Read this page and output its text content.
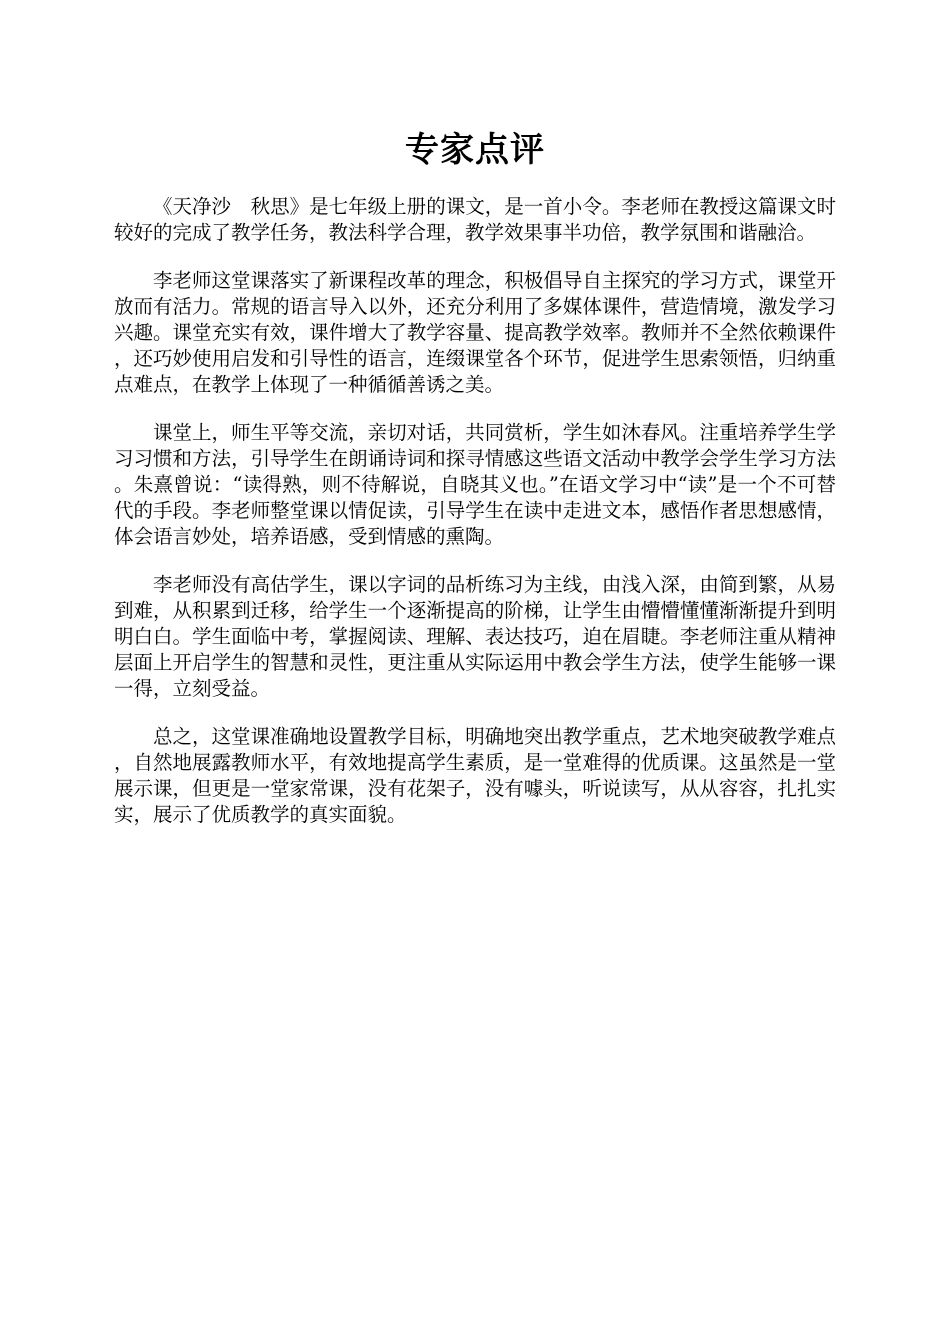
专家点评

《天净沙　秋思》是七年级上册的课文，是一首小令。李老师在教授这篇课文时较好的完成了教学任务，教法科学合理，教学效果事半功倍，教学氛围和谐融洽。

李老师这堂课落实了新课程改革的理念，积极倡导自主探究的学习方式，课堂开放而有活力。常规的语言导入以外，还充分利用了多媒体课件，营造情境，激发学习兴趣。课堂充实有效，课件增大了教学容量、提高教学效率。教师并不全然依赖课件，还巧妙使用启发和引导性的语言，连缀课堂各个环节，促进学生思索领悟，归纳重点难点，在教学上体现了一种循循善诱之美。

课堂上，师生平等交流，亲切对话，共同赏析，学生如沐春风。注重培养学生学习习惯和方法，引导学生在朗诵诗词和探寻情感这些语文活动中教学会学生学习方法。朱熹曾说：“读得熟，则不待解说，自晓其义也。”在语文学习中“读”是一个不可替代的手段。李老师整堂课以情促读，引导学生在读中走进文本，感悟作者思想感情，体会语言妙处，培养语感，受到情感的熏陶。

李老师没有高估学生，课以字词的品析练习为主线，由浅入深，由简到繁，从易到难，从积累到迁移，给学生一个逐渐提高的阶梯，让学生由懵懵懂懂渐渐提升到明明白白。学生面临中考，掌握阅读、理解、表达技巧，迫在眉睫。李老师注重从精神层面上开启学生的智慧和灵性，更注重从实际运用中教会学生方法，使学生能够一课一得，立刻受益。

总之，这堂课准确地设置教学目标，明确地突出教学重点，艺术地突破教学难点，自然地展露教师水平，有效地提高学生素质，是一堂难得的优质课。这虽然是一堂展示课，但更是一堂家常课，没有花架子，没有噱头，听说读写，从从容容，扎扎实实，展示了优质教学的真实面貌。
